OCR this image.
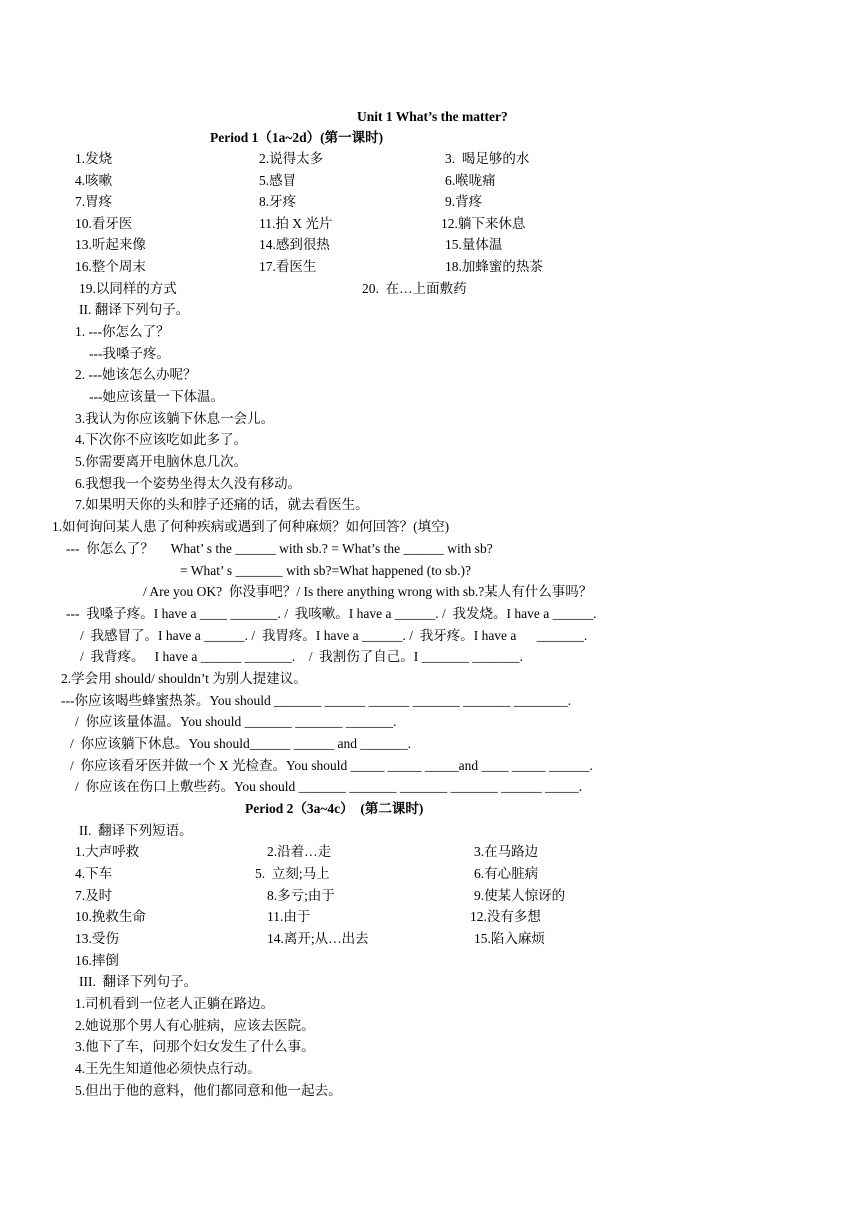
Unit 1 What’s the matter?
Period 1（1a~2d）(第一课时)
1.发烧	2.说得太多	3.  喝足够的水
4.咳嗽	5.感冒	6.喉咙痛
7.胃疼	8.牙疼	9.背疼
10.看牙医	11.拍 X 光片	12.躺下来休息
13.听起来像	14.感到很热	15.量体温
16.整个周末	17.看医生	18.加蜂蜜的热茶
19.以同样的方式	20.  在…上面敷药
II. 翻译下列句子。
1. ---你怎么了？
---我嗓子疼。
2. ---她该怎么办呢？
---她应该量一下体温。
3.我认为你应该躺下休息一会儿。
4.下次你不应该吃如此多了。
5.你需要离开电脑休息几次。
6.我想我一个姿势坐得太久没有移动。
7.如果明天你的头和脖子还痛的话，就去看医生。
1.如何询问某人患了何种疾病或遇到了何种麻烦？如何回答？(填空)
---  你怎么了？     What’ s the ______ with sb.? = What’s the ______ with sb?
= What’ s _______ with sb?=What happened (to sb.)?
/ Are you OK?  你没事吧？/ Is there anything wrong with sb.?某人有什么事吗？
---  我嗓子疼。I have a ____ _______. /  我咳嗽。I have a ______. /  我发烧。I have a ______.
/  我感冒了。I have a ______. /  我胃疼。I have a ______. /  我牙疼。I have a      _______.
/  我背疼。   I have a ______ _______.    /  我割伤了自己。I _______ _______.
2.学会用 should/ shouldn’t 为别人提建议。
---你应该喝些蜂蜜热茶。You should _______ ______ ______ _______ _______ ________.
/  你应该量体温。You should _______ _______ _______.
/  你应该躺下休息。You should______ ______ and _______.
/  你应该看牙医并做一个 X 光检查。You should _____ _____ _____and ____ _____ ______.
/  你应该在伤口上敷些药。You should _______ _______ _______ _______ ______ _____.
Period 2（3a~4c）  (第二课时)
II.  翻译下列短语。
1.大声呼救	2.沿着…走	3.在马路边
4.下车	5.  立刻;马上	6.有心脏病
7.及时	8.多亏;由于	9.使某人惊讶的
10.挽救生命	11.由于	12.没有多想
13.受伤	14.离开;从…出去	15.陷入麻烦
16.摔倒
III.  翻译下列句子。
1.司机看到一位老人正躺在路边。
2.她说那个男人有心脏病，应该去医院。
3.他下了车，问那个妇女发生了什么事。
4.王先生知道他必须快点行动。
5.但出于他的意料，他们都同意和他一起去。
